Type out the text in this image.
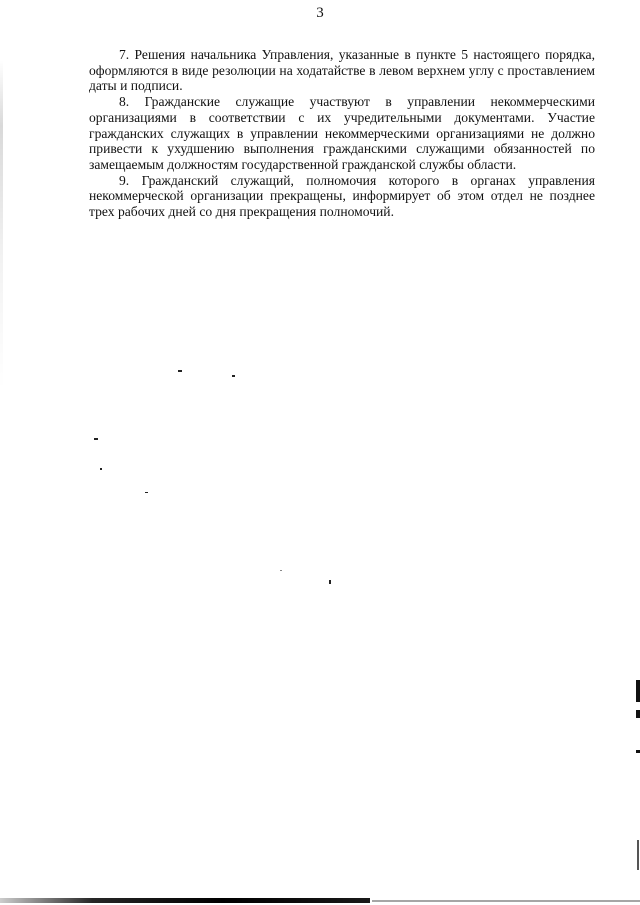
3

7. Решения начальника Управления, указанные в пункте 5 настоящего порядка, оформляются в виде резолюции на ходатайстве в левом верхнем углу с проставлением даты и подписи.

8. Гражданские служащие участвуют в управлении некоммерческими организациями в соответствии с их учредительными документами. Участие гражданских служащих в управлении некоммерческими организациями не должно привести к ухудшению выполнения гражданскими служащими обязанностей по замещаемым должностям государственной гражданской службы области.

9. Гражданский служащий, полномочия которого в органах управления некоммерческой организации прекращены, информирует об этом отдел не позднее трех рабочих дней со дня прекращения полномочий.
